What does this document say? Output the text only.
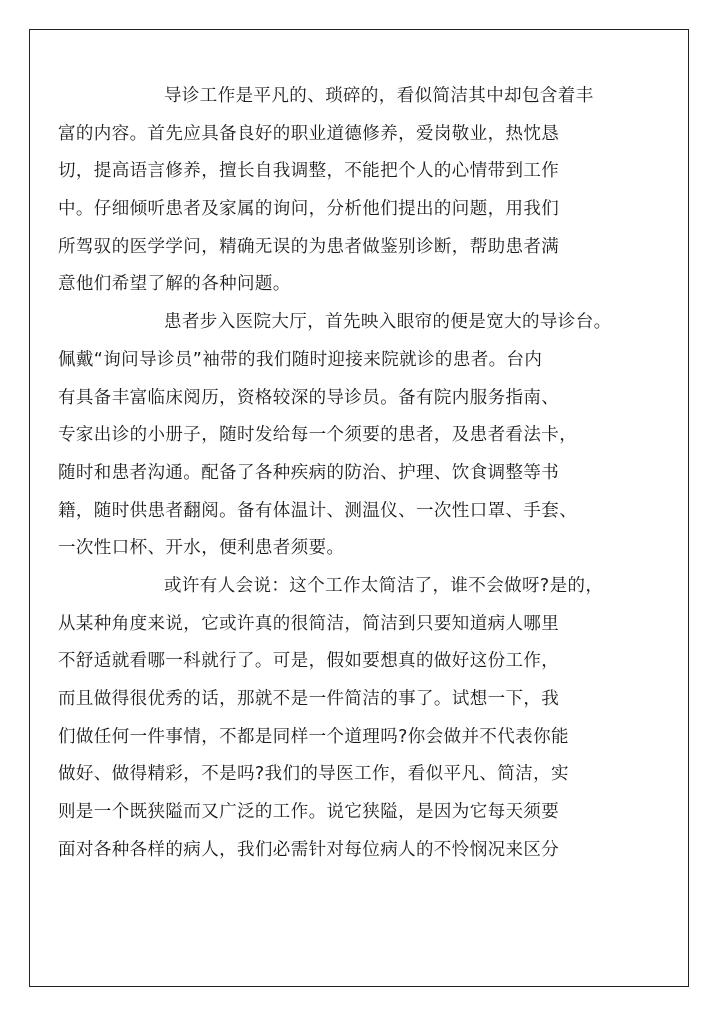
导诊工作是平凡的、琐碎的，看似简洁其中却包含着丰
富的内容。首先应具备良好的职业道德修养，爱岗敬业，热忱恳
切，提高语言修养，擅长自我调整，不能把个人的心情带到工作
中。仔细倾听患者及家属的询问，分析他们提出的问题，用我们
所驾驭的医学学问，精确无误的为患者做鉴别诊断，帮助患者满
意他们希望了解的各种问题。
患者步入医院大厅，首先映入眼帘的便是宽大的导诊台。
佩戴“询问导诊员”袖带的我们随时迎接来院就诊的患者。台内
有具备丰富临床阅历，资格较深的导诊员。备有院内服务指南、
专家出诊的小册子，随时发给每一个须要的患者，及患者看法卡，
随时和患者沟通。配备了各种疾病的防治、护理、饮食调整等书
籍，随时供患者翻阅。备有体温计、测温仪、一次性口罩、手套、
一次性口杯、开水，便利患者须要。
或许有人会说：这个工作太简洁了，谁不会做呀?是的，
从某种角度来说，它或许真的很简洁，简洁到只要知道病人哪里
不舒适就看哪一科就行了。可是，假如要想真的做好这份工作，
而且做得很优秀的话，那就不是一件简洁的事了。试想一下，我
们做任何一件事情，不都是同样一个道理吗?你会做并不代表你能
做好、做得精彩，不是吗?我们的导医工作，看似平凡、简洁，实
则是一个既狭隘而又广泛的工作。说它狭隘，是因为它每天须要
面对各种各样的病人，我们必需针对每位病人的不怜悯况来区分
